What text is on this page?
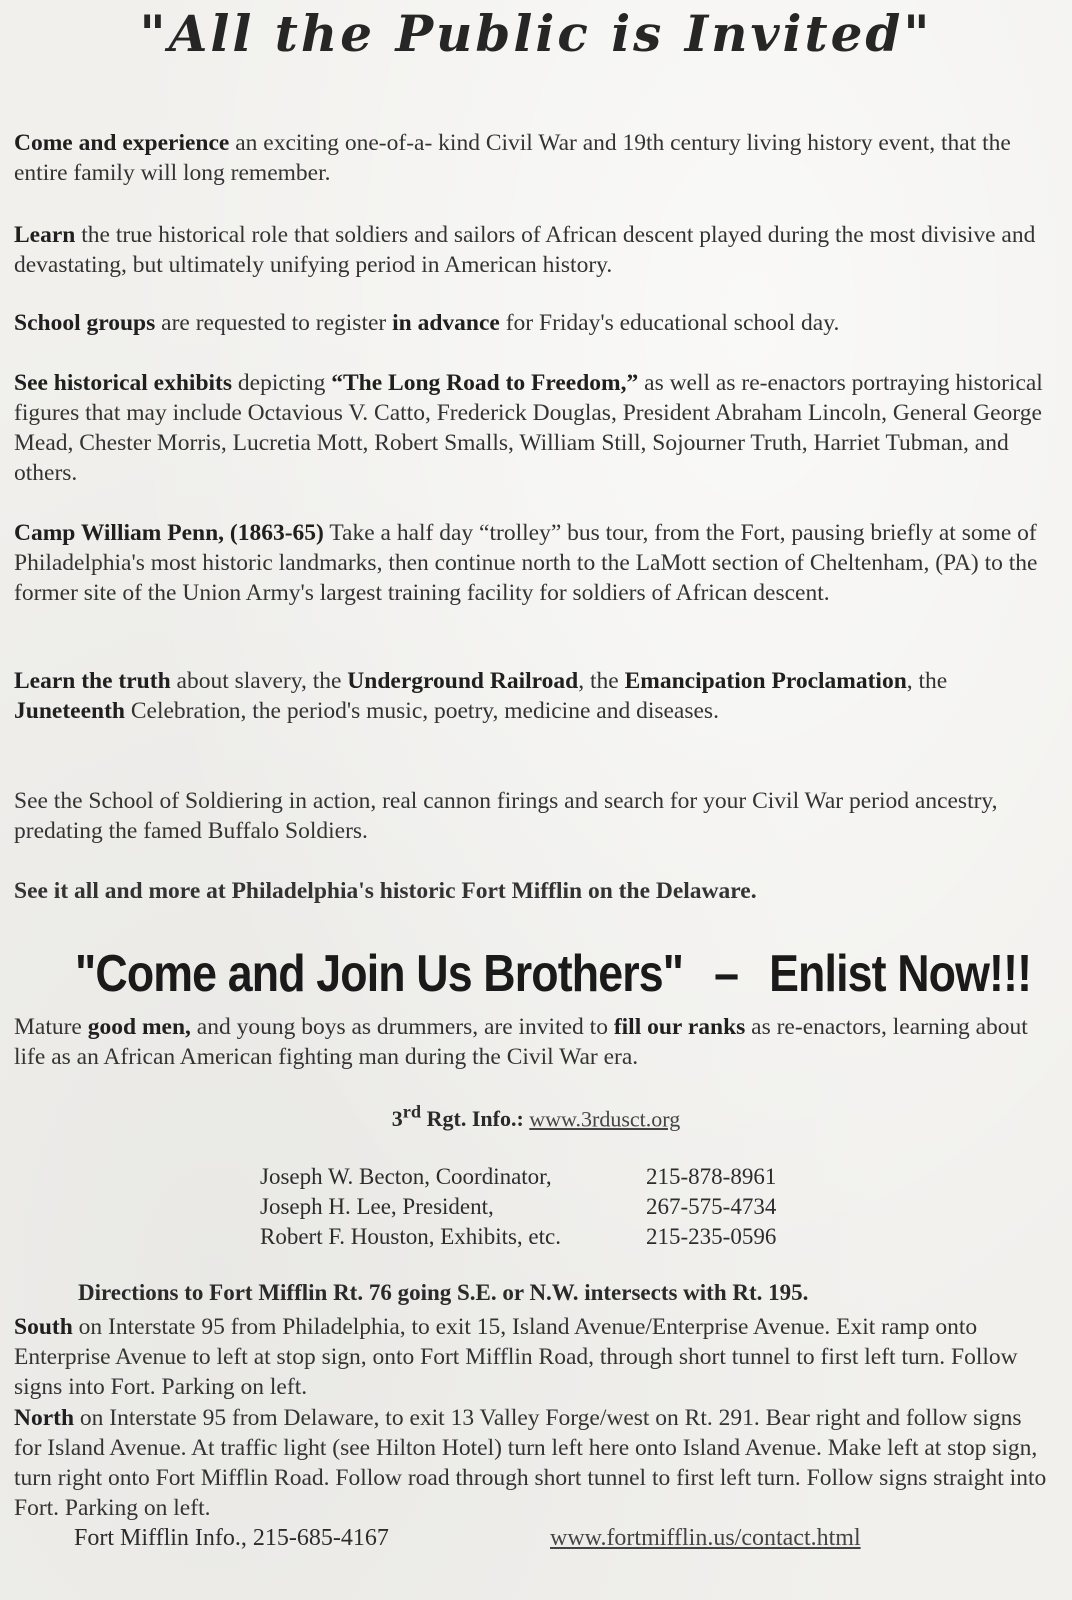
"All the Public is Invited"
Come and experience an exciting one-of-a- kind Civil War and 19th century living history event, that the entire family will long remember.
Learn the true historical role that soldiers and sailors of African descent played during the most divisive and devastating, but ultimately unifying period in American history.
School groups are requested to register in advance for Friday's educational school day.
See historical exhibits depicting “The Long Road to Freedom,” as well as re-enactors portraying historical figures that may include Octavious V. Catto, Frederick Douglas, President Abraham Lincoln, General George Mead, Chester Morris, Lucretia Mott, Robert Smalls, William Still, Sojourner Truth, Harriet Tubman, and others.
Camp William Penn, (1863-65) Take a half day “trolley” bus tour, from the Fort, pausing briefly at some of Philadelphia's most historic landmarks, then continue north to the LaMott section of Cheltenham, (PA) to the former site of the Union Army's largest training facility for soldiers of African descent.
Learn the truth about slavery, the Underground Railroad, the Emancipation Proclamation, the Juneteenth Celebration, the period's music, poetry, medicine and diseases.
See the School of Soldiering in action, real cannon firings and search for your Civil War period ancestry, predating the famed Buffalo Soldiers.
See it all and more at Philadelphia's historic Fort Mifflin on the Delaware.
"Come and Join Us Brothers" – Enlist Now!!!
Mature good men, and young boys as drummers, are invited to fill our ranks as re-enactors, learning about life as an African American fighting man during the Civil War era.
3rd Rgt. Info.: www.3rdusct.org
Joseph W. Becton, Coordinator,	215-878-8961
Joseph H. Lee, President,	267-575-4734
Robert F. Houston, Exhibits, etc.	215-235-0596
Directions to Fort Mifflin Rt. 76 going S.E. or N.W. intersects with Rt. 195.
South on Interstate 95 from Philadelphia, to exit 15, Island Avenue/Enterprise Avenue. Exit ramp onto Enterprise Avenue to left at stop sign, onto Fort Mifflin Road, through short tunnel to first left turn. Follow signs into Fort. Parking on left.
North on Interstate 95 from Delaware, to exit 13 Valley Forge/west on Rt. 291. Bear right and follow signs for Island Avenue. At traffic light (see Hilton Hotel) turn left here onto Island Avenue. Make left at stop sign, turn right onto Fort Mifflin Road. Follow road through short tunnel to first left turn. Follow signs straight into Fort. Parking on left.
Fort Mifflin Info., 215-685-4167	www.fortmifflin.us/contact.html
